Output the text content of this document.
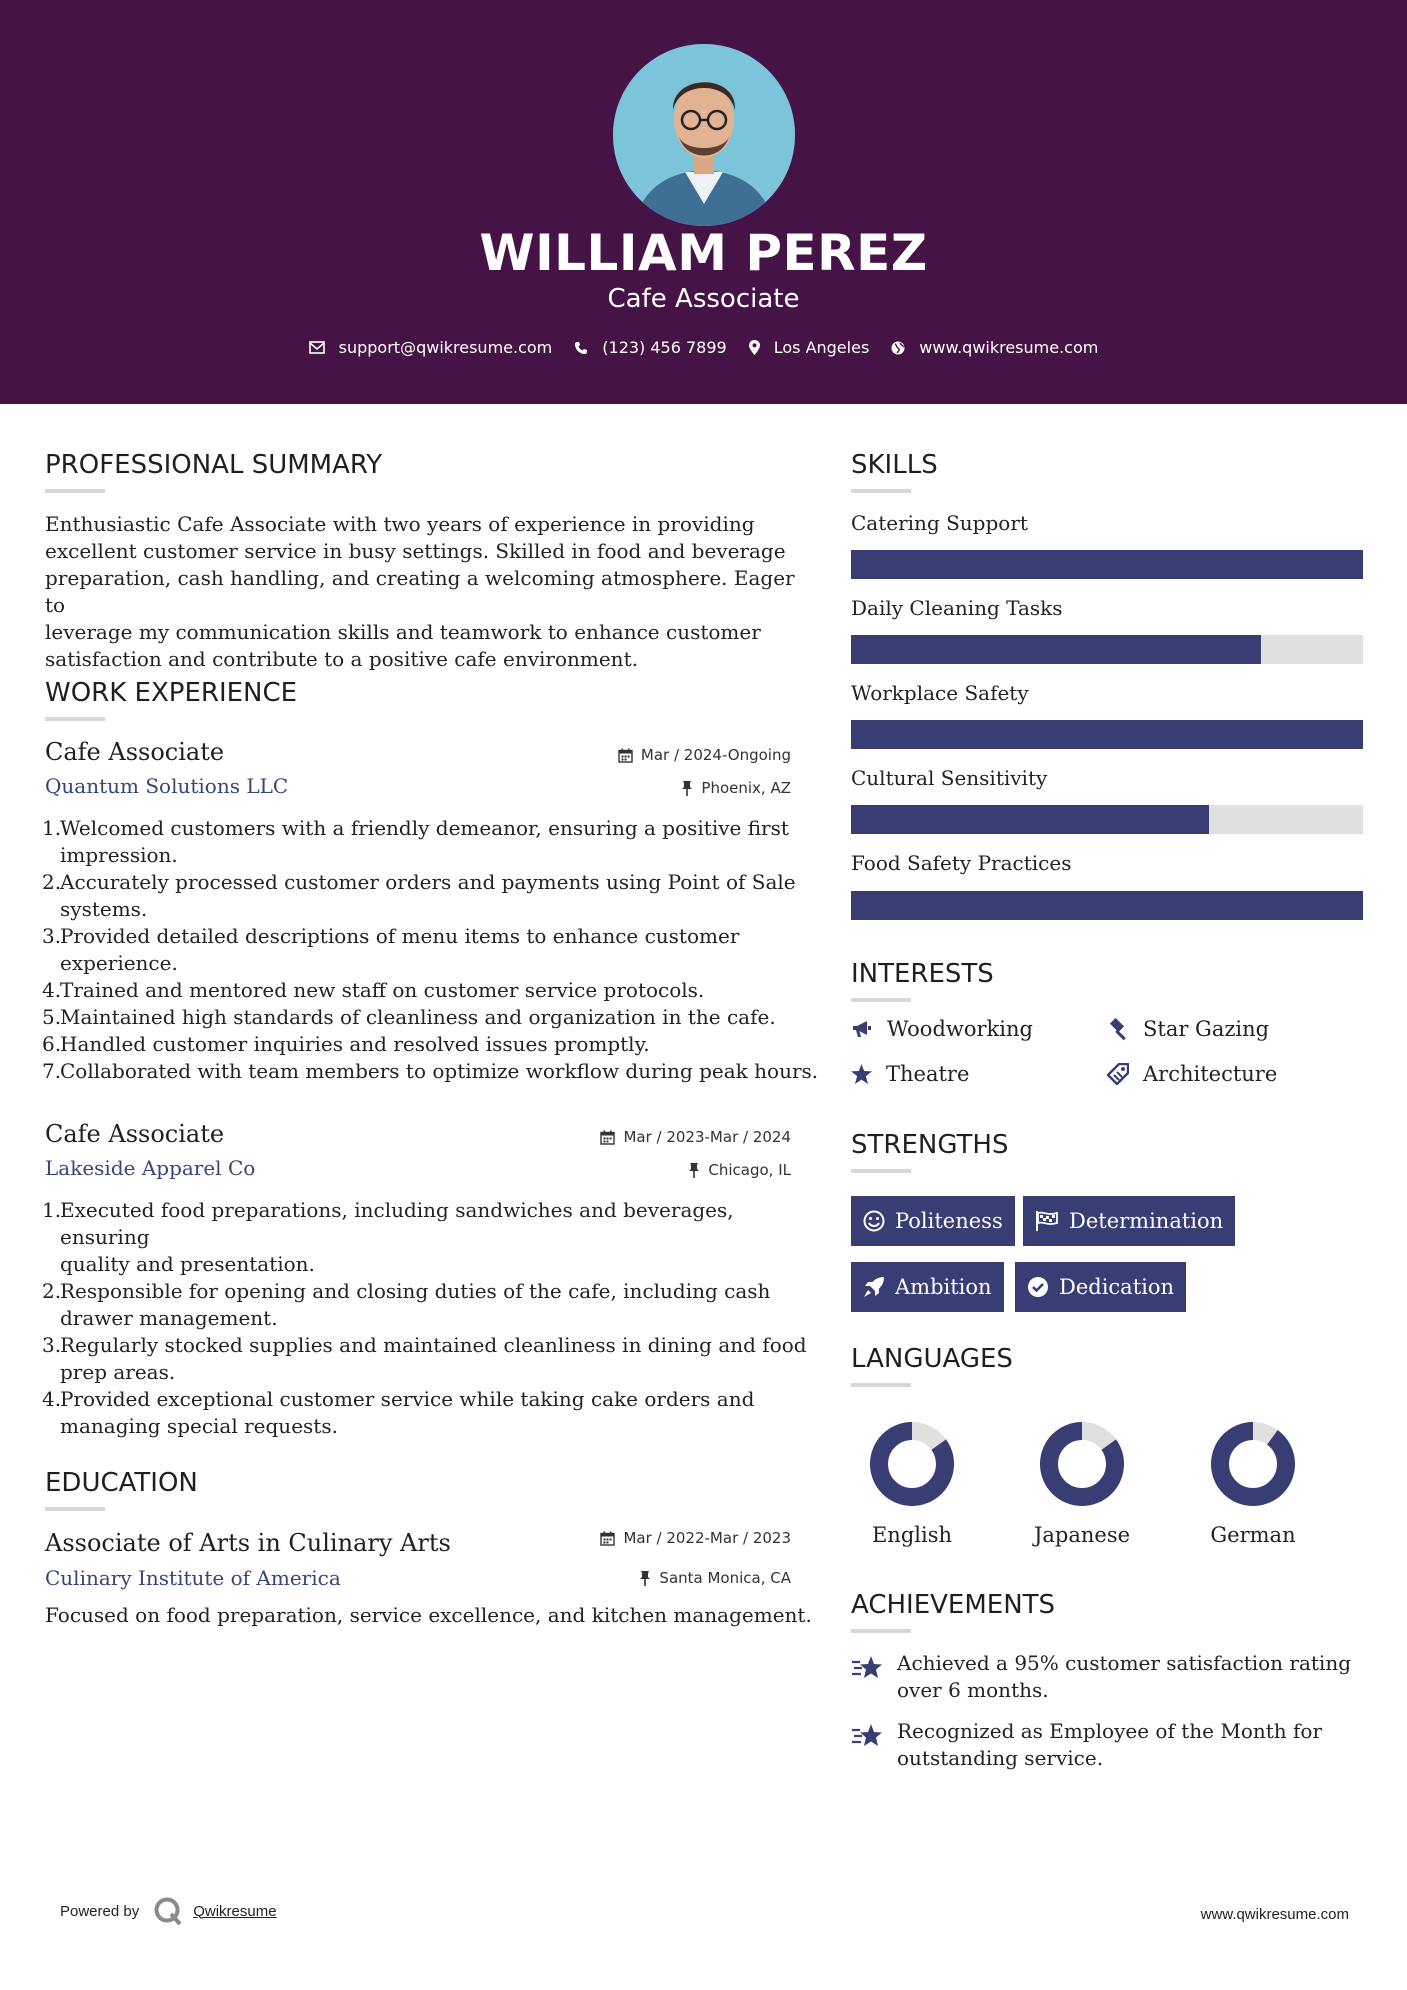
WILLIAM PEREZ
Cafe Associate
support@qwikresume.com	(123) 456 7899	Los Angeles	www.qwikresume.com
PROFESSIONAL SUMMARY
Enthusiastic Cafe Associate with two years of experience in providing
excellent customer service in busy settings. Skilled in food and beverage
preparation, cash handling, and creating a welcoming atmosphere. Eager to
leverage my communication skills and teamwork to enhance customer
satisfaction and contribute to a positive cafe environment.
WORK EXPERIENCE
Cafe Associate	Mar / 2024-Ongoing
Quantum Solutions LLC	Phoenix, AZ
1.
Welcomed customers with a friendly demeanor, ensuring a positive first
impression.
2.
Accurately processed customer orders and payments using Point of Sale
systems.
3.
Provided detailed descriptions of menu items to enhance customer
experience.
4.
Trained and mentored new staff on customer service protocols.
5.
Maintained high standards of cleanliness and organization in the cafe.
6.
Handled customer inquiries and resolved issues promptly.
7.
Collaborated with team members to optimize workflow during peak hours.
Cafe Associate	Mar / 2023-Mar / 2024
Lakeside Apparel Co	Chicago, IL
1.
Executed food preparations, including sandwiches and beverages, ensuring
quality and presentation.
2.
Responsible for opening and closing duties of the cafe, including cash
drawer management.
3.
Regularly stocked supplies and maintained cleanliness in dining and food
prep areas.
4.
Provided exceptional customer service while taking cake orders and
managing special requests.
EDUCATION
Associate of Arts in Culinary Arts	Mar / 2022-Mar / 2023
Culinary Institute of America	Santa Monica, CA
Focused on food preparation, service excellence, and kitchen management.
SKILLS
Catering Support
Daily Cleaning Tasks
Workplace Safety
Cultural Sensitivity
Food Safety Practices
INTERESTS
Woodworking	Star Gazing
Theatre	Architecture
STRENGTHS
Politeness	Determination
Ambition	Dedication
LANGUAGES
English	Japanese	German
ACHIEVEMENTS
Achieved a 95% customer satisfaction rating
over 6 months.
Recognized as Employee of the Month for
outstanding service.
Powered by	Qwikresume	www.qwikresume.com
